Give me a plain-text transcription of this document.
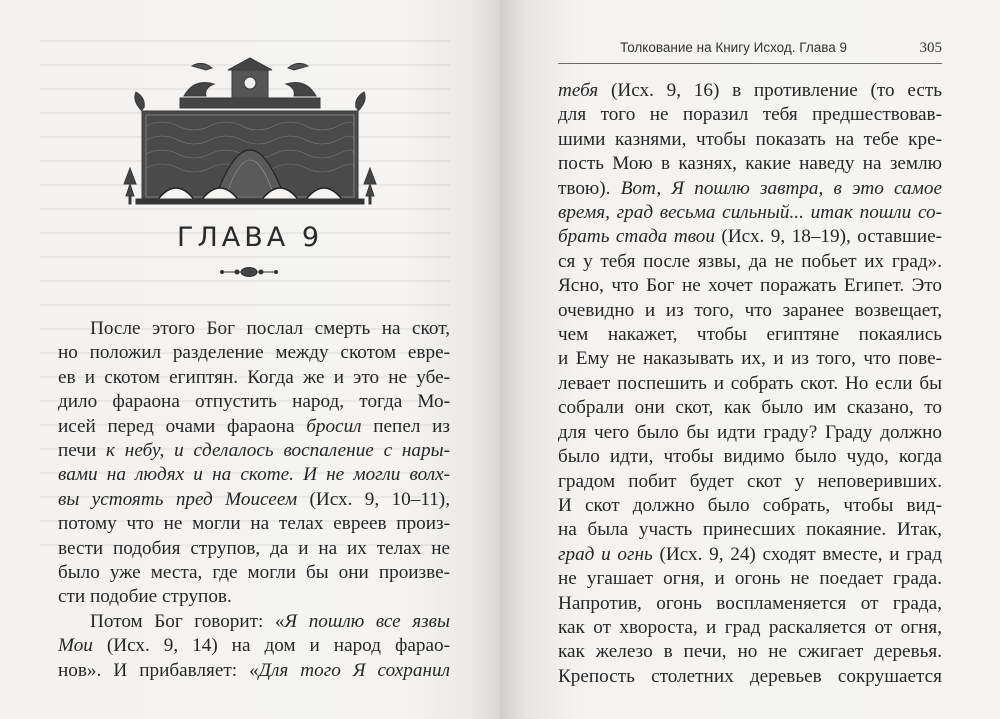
ГЛАВА 9
После этого Бог послал смерть на скот,
но положил разделение между скотом евре-
ев и скотом египтян. Когда же и это не убе-
дило фараона отпустить народ, тогда Мо-
исей перед очами фараона бросил пепел из
печи к небу, и сделалось воспаление с нары-
вами на людях и на скоте. И не могли волх-
вы устоять пред Моисеем (Исх. 9, 10–11),
потому что не могли на телах евреев произ-
вести подобия струпов, да и на их телах не
было уже места, где могли бы они произве-
сти подобие струпов.
Потом Бог говорит: «Я пошлю все язвы
Мои (Исх. 9, 14) на дом и народ фарао-
нов». И прибавляет: «Для того Я сохранил
Толкование на Книгу Исход. Глава 9	305
тебя (Исх. 9, 16) в противление (то есть
для того не поразил тебя предшествовав-
шими казнями, чтобы показать на тебе кре-
пость Мою в казнях, какие наведу на землю
твою). Вот, Я пошлю завтра, в это самое
время, град весьма сильный... итак пошли со-
брать стада твои (Исх. 9, 18–19), оставшие-
ся у тебя после язвы, да не побьет их град».
Ясно, что Бог не хочет поражать Египет. Это
очевидно и из того, что заранее возвещает,
чем накажет, чтобы египтяне покаялись
и Ему не наказывать их, и из того, что пове-
левает поспешить и собрать скот. Но если бы
собрали они скот, как было им сказано, то
для чего было бы идти граду? Граду должно
было идти, чтобы видимо было чудо, когда
градом побит будет скот у неповеривших.
И скот должно было собрать, чтобы вид-
на была участь принесших покаяние. Итак,
град и огнь (Исх. 9, 24) сходят вместе, и град
не угашает огня, и огонь не поедает града.
Напротив, огонь воспламеняется от града,
как от хвороста, и град раскаляется от огня,
как железо в печи, но не сжигает деревья.
Крепость столетних деревьев сокрушается
